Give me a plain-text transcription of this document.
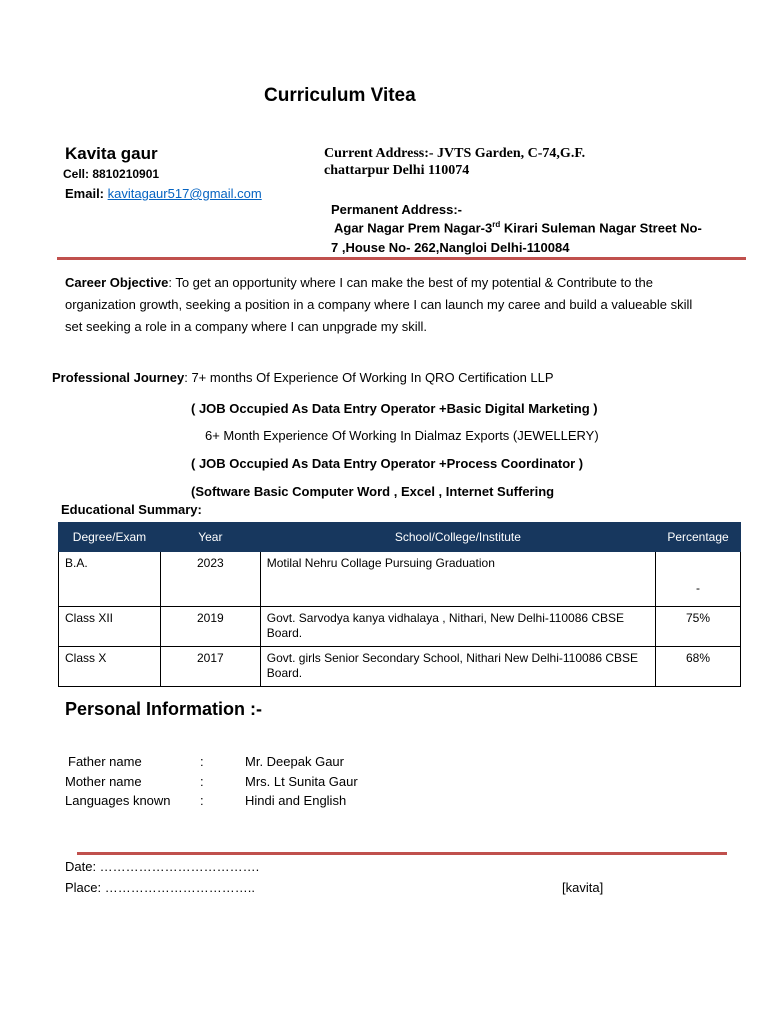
Curriculum Vitea
Kavita gaur
Cell: 8810210901
Email: kavitagaur517@gmail.com
Current Address:- JVTS Garden, C-74,G.F.
chattarpur Delhi 110074
Permanent Address:-
Agar Nagar Prem Nagar-3rd Kirari Suleman Nagar Street No-
7 ,House No- 262,Nangloi Delhi-110084
Career Objective: To get an opportunity where I can make the best of my potential & Contribute to the organization growth, seeking a position in a company where I can launch my caree and build a valueable skill set seeking a role in a company where I can unpgrade my skill.
Professional Journey: 7+ months Of Experience Of Working In QRO Certification LLP
( JOB Occupied As Data Entry Operator +Basic Digital Marketing )
6+ Month Experience Of Working In Dialmaz Exports (JEWELLERY)
( JOB Occupied As Data Entry Operator +Process Coordinator )
(Software Basic Computer Word , Excel , Internet Suffering
Educational Summary:
Degree/Exam	Year	School/College/Institute	Percentage
B.A.	2023	Motilal Nehru Collage Pursuing Graduation	-
Class XII	2019	Govt. Sarvodya kanya vidhalaya , Nithari, New Delhi-110086 CBSE Board.	75%
Class X	2017	Govt. girls Senior Secondary School, Nithari New Delhi-110086 CBSE Board.	68%
Personal Information :-
Father name	:	Mr. Deepak Gaur
Mother name	:	Mrs. Lt Sunita Gaur
Languages known :	Hindi and English
Date: ……………………………….
Place: ……………………………..	[kavita]
